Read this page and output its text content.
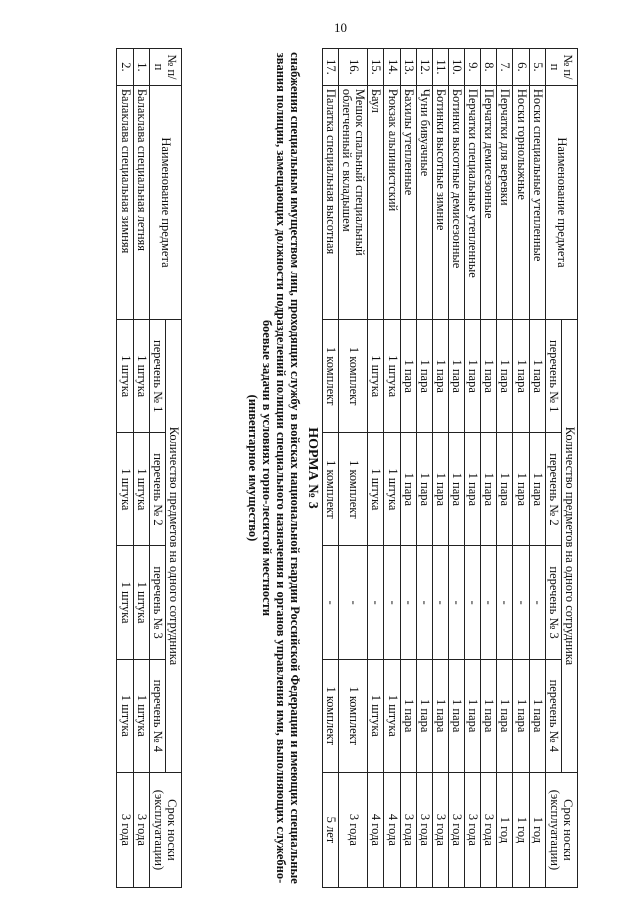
10
№ п/п	Наименование предмета	Количество предметов на одного сотрудника				Срок носки (эксплуатации)
		перечень № 1	перечень № 2	перечень № 3	перечень № 4	
5.	Носки специальные утепленные	1 пара	1 пара	-	1 пара	1 год
6.	Носки горнолыжные	1 пара	1 пара	-	1 пара	1 год
7.	Перчатки для веревки	1 пара	1 пара	-	1 пара	1 год
8.	Перчатки демисезонные	1 пара	1 пара	-	1 пара	3 года
9.	Перчатки специальные утепленные	1 пара	1 пара	-	1 пара	3 года
10.	Ботинки высотные демисезонные	1 пара	1 пара	-	1 пара	3 года
11.	Ботинки высотные зимние	1 пара	1 пара	-	1 пара	3 года
12.	Чуни бивуачные	1 пара	1 пара	-	1 пара	3 года
13.	Бахилы утепленные	1 пара	1 пара	-	1 пара	3 года
14.	Рюкзак альпинистский	1 штука	1 штука	-	1 штука	4 года
15.	Баул	1 штука	1 штука	-	1 штука	4 года
16.	Мешок спальный специальный облегченный с вкладышем	1 комплект	1 комплект	-	1 комплект	3 года
17.	Палатка специальная высотная	1 комплект	1 комплект	-	1 комплект	5 лет
НОРМА № 3
снабжения специальным имуществом лиц, проходящих службу в войсках национальной гвардии Российской Федерации и имеющих специальные звания полиции, замещающих должности подразделений полиции специального назначения и органов управления ими, выполняющих служебно-боевые задачи в условиях горно-лесистой местности
(инвентарное имущество)
№ п/п	Наименование предмета	Количество предметов на одного сотрудника				Срок носки (эксплуатации)
		перечень № 1	перечень № 2	перечень № 3	перечень № 4	
1.	Балаклава специальная летняя	1 штука	1 штука	1 штука	1 штука	3 года
2.	Балаклава специальная зимняя	1 штука	1 штука	1 штука	1 штука	3 года
